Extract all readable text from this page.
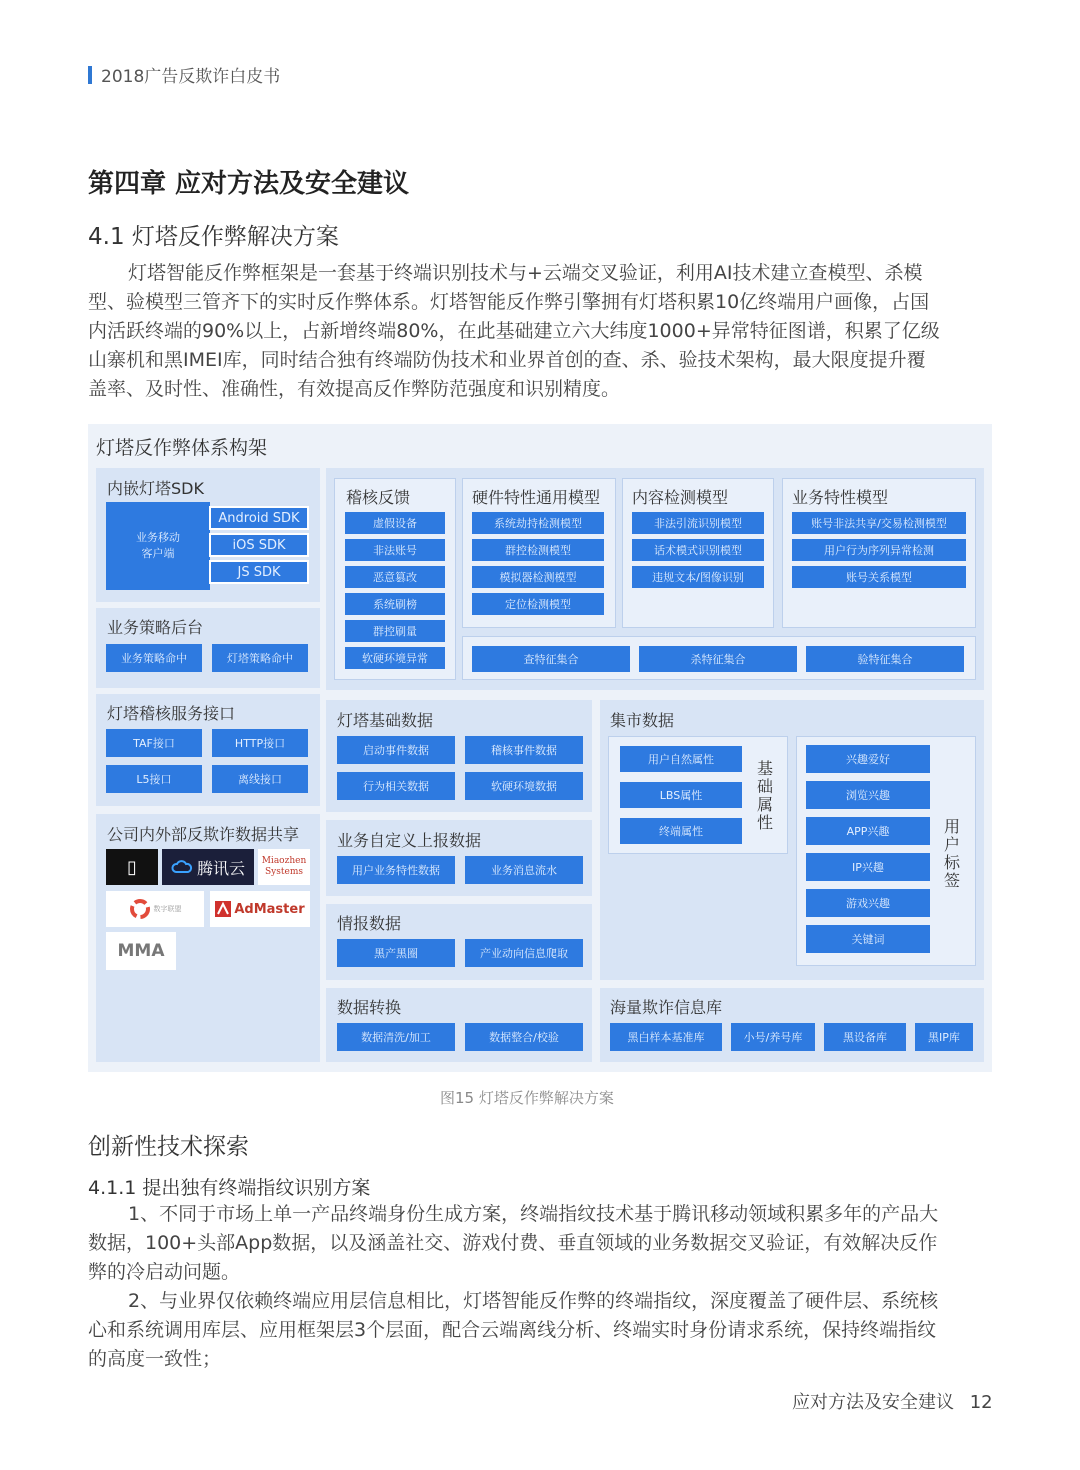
2018广告反欺诈白皮书
第四章 应对方法及安全建议
4.1 灯塔反作弊解决方案

灯塔智能反作弊框架是一套基于终端识别技术与+云端交叉验证，利用AI技术建立查模型、杀模
型、验模型三管齐下的实时反作弊体系。灯塔智能反作弊引擎拥有灯塔积累10亿终端用户画像，占国
内活跃终端的90%以上，占新增终端80%，在此基础建立六大纬度1000+异常特征图谱，积累了亿级
山寨机和黑IMEI库，同时结合独有终端防伪技术和业界首创的查、杀、验技术架构，最大限度提升覆
盖率、及时性、准确性，有效提高反作弊防范强度和识别精度。

灯塔反作弊体系构架
内嵌灯塔SDK
业务移动
客户端
Android SDK
iOS SDK
JS SDK
业务策略后台
业务策略命中	灯塔策略命中
灯塔稽核服务接口
TAF接口	HTTP接口
L5接口	离线接口
公司内外部反欺诈数据共享
▯	腾讯云	Miaozhen Systems
数字联盟	AdMaster
MMA
稽核反馈
虚假设备
非法账号
恶意篡改
系统刷榜
群控刷量
软硬环境异常
硬件特性通用模型
系统劫持检测模型
群控检测模型
模拟器检测模型
定位检测模型
内容检测模型
非法引流识别模型
话术模式识别模型
违规文本/图像识别
业务特性模型
账号非法共享/交易检测模型
用户行为序列异常检测
账号关系模型
查特征集合	杀特征集合	验特征集合
灯塔基础数据
启动事件数据	稽核事件数据
行为相关数据	软硬环境数据
业务自定义上报数据
用户业务特性数据	业务消息流水
情报数据
黑产黑圈	产业动向信息爬取
数据转换
数据清洗/加工	数据整合/校验
集市数据
用户自然属性
LBS属性
终端属性
基础属性
兴趣爱好
浏览兴趣
APP兴趣
IP兴趣
游戏兴趣
关键词
用户标签
海量欺诈信息库
黑白样本基准库	小号/养号库	黑设备库	黑IP库
图15 灯塔反作弊解决方案
创新性技术探索
4.1.1 提出独有终端指纹识别方案

1、不同于市场上单一产品终端身份生成方案，终端指纹技术基于腾讯移动领域积累多年的产品大
数据，100+头部App数据，以及涵盖社交、游戏付费、垂直领域的业务数据交叉验证，有效解决反作
弊的冷启动问题。
2、与业界仅依赖终端应用层信息相比，灯塔智能反作弊的终端指纹，深度覆盖了硬件层、系统核
心和系统调用库层、应用框架层3个层面，配合云端离线分析、终端实时身份请求系统，保持终端指纹
的高度一致性；

应对方法及安全建议 12
